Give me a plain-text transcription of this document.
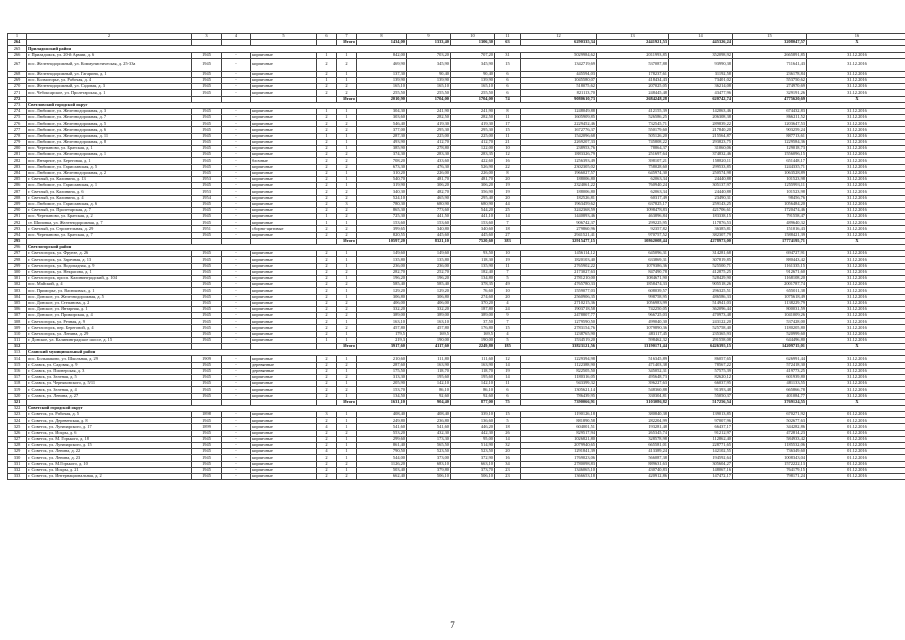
1	2	3	4	5	6	7	8	9	10	11	12	13	14	15	16
264						Итого	1434,00	1333,40	1306,30	63	6290335,34	2441921,53	445326,24	3208047,57	X
265	Приладожский район														
266	г. Приладожск, ул. 20-й Армии, д. 6	1945	-	кирпичные	1	1	842,00	703,20	707,20	31	5029984,62	2011993,85	352098,92	2665891,85	31.12.2016
267	пос. Железнодорожный, ул. Коммунистическая, д. 25-33а	1945	-	кирпичные	2	2	469,90	345,90	345,90	15	1342719,69	537087,88	93990,38	711641,43	31.12.2016
268	пос. Железнодорожный, ул. Гагарина, д. 1	1945	-	кирпичные	2	1	137,30	90,40	90,40	6	445594,03	178237,61	31192,58	236178,84	31.12.2016
269	пос. Колмогорье, ул. Рабочая, д. 4	1945	-	кирпичные	1	1	139,90	139,90	139,90	6	1045580,07	418434,43	73401,02	553750,62	31.12.2016
270	пос. Железнодорожный, ул. Садовая, д. 3	1945	-	кирпичные	2	2	165,10	165,10	165,10	6	518075,62	207025,05	36214,08	274970,69	31.12.2016
271	пос. Чебоксарское, ул. Пролетарская, д. 1	1945	-	кирпичные	2	2	255,50	255,50	255,50	6	821113,70	248445,48	43477,96	329191,26	31.12.2016
272						Итого	2010,90	1704,00	1704,00	74	9080610,73	2684248,28	620742,74	4775620,69	X
273	Светловский городской округ														
274	пос. Любимое, ул. Железнодорожная, д. 3	1945	-	кирпичные	1	1	304,30	241,90	241,90	8	1248049,88	412155,39	142063,46	674432,83	31.12.2016
275	пос. Любимое, ул. Железнодорожная, д. 7	1945	-	кирпичные	2	1	303,60	282,50	282,50	11	1605909,85	526586,25	206308,38	866211,52	31.12.2016
276	пос. Любимое, ул. Железнодорожная, д. 5	1945	-	кирпичные	2	2	546,40	419,30	419,30	17	2229452,46	732545,71	289839,22	1203647,53	31.12.2016
277	пос. Любимое, ул. Железнодорожная, д. 6	1945	-	кирпичные	2	2	377,00	295,30	295,30	15	1672776,37	550179,60	217840,20	903259,24	31.12.2016
278	пос. Любимое, ул. Железнодорожная, д. 11	1945	-	кирпичные	1	1	287,30	225,00	225,00	11	1542096,68	505126,20	215564,87	887713,61	31.12.2016
279	пос. Любимое, ул. Железнодорожная, д. 8	1945	-	кирпичные	2	1	493,90	412,70	412,70	21	2269207,33	745808,22	293823,75	1229584,36	31.12.2016
280	пос. Черепаново, ул. Братская, д. 1	1945	-	кирпичные	2	1	385,90	278,80	122,00	10	238953,76	78864,37	31060,06	129018,73	31.12.2016
281	пос. Любимое, ул. Железнодорожная, д. 1	1945	-	кирпичные	2	2	374,30	283,30	283,35	12	1883326,79	251697,64	374832,46	1556096,15	31.12.2016
282	пос. Янтарное, ул. Береговая, д. 1	1945	-	блочные	2	2	708,20	433,60	422,60	16	1256393,49	398107,21	158820,11	651448,17	31.12.2016
283	пос. Любимое, ул. Гариславская, д. 5	1945	-	кирпичные	2	2	673,30	476,30	526,90	22	2302305,02	758028,60	299533,85	1244335,71	31.12.2016
284	пос. Любимое, ул. Железнодорожная, д. 2	1945	-	кирпичные	2	1	310,20	226,00	226,00	8	1966027,57	645974,30	250574,98	1063528,89	31.12.2016
285	г. Светлый, ул. Калинина, д. 13	1953	-	кирпичные	2	1	540,70	481,70	481,70	20	188006,80	62063,34	24440,88	101523,98	31.12.2016
286	пос. Любимое, ул. Гариславская, д. 1	1945	-	кирпичные	2	1	319,90	306,20	306,20	19	2324061,22	760940,24	305137,97	1255993,11	31.12.2016
287	г. Светлый, ул. Калинина, д. 6	1953	-	кирпичные	2	2	340,30	482,70	356,90	19	188006,80	62063,34	24440,88	101523,98	31.12.2016
288	г. Светлый, ул. Калинина, д. 4	1954	-	кирпичные	2	2	524,10	465,90	295,40	20	182526,81	60317,49	23490,31	98456,76	31.12.2016
289	пос. Любимое, ул. Гариславская, д. 6	1945	-	кирпичные	2	3	780,30	680,90	680,90	44	1963459,62	637825,17	259143,25	1056484,20	31.12.2016
290	г. Светлый, ул. Пролетарская, д. 7	1945	-	кирпичные	2	2	865,30	773,60	544,20	25	3242368,59	1098478,83	421706,61	1720474,46	31.12.2016
291	пос. Черепаново, ул. Братская, д. 2	1945	-	кирпичные	1	2	725,30	441,50	441,10	14	1440893,46	463896,84	183338,15	791558,47	31.12.2016
292	ст. Шиповка, ул. Железнодорожная, д. 7	1945	-	кирпичные	1	1	153,60	153,60	153,60	7	906742,37	299225,95	117876,53	489640,32	31.12.2016
293	г. Светлый, ул. Строительная, д. 29	1951	-	сборно-щитовые	2	2	399,65	340,80	340,60	18	279860,96	92357,82	36385,81	151016,43	31.12.2016
294	пос. Черепаново, ул. Братская, д. 7	1945	-	кирпичные	2	2	820,55	445,60	445,60	27	2941521,41	970757,52	382307,79	1588421,39	31.12.2016
295						Итого	10597,20	8321,10	7520,60	383	32915477,15	10862008,44	4278973,00	17774195,71	X
296	Светлогорский район														
297	г. Светлогорск, ул. Фрунзе, д. 26	1945	-	кирпичные	2	1	149,60	149,60	93,50	10	1456114,12	645096,31	314281,68	694727,91	31.12.2016
298	г. Светлогорск, ул. Заречная, д. 13	1945	-	кирпичные	2	1	135,80	135,80	118,30	19	1820103,40	633869,31	307819,85	880443,42	31.12.2016
299	г. Светлогорск, ул. Водопадная, д. 9	1945	-	кирпичные	2	1	236,00	236,00	135,90	11	2765902,22	1079386,36	525500,71	1161335,15	31.12.2016
300	г. Светлогорск, ул. Некрасова, д. 1	1945	-	кирпичные	2	2	282,70	252,70	182,40	7	2173027,63	847490,78	412875,25	912671,60	31.12.2016
301	г. Светлогорск, просп. Калининградский, д. 104	1945	-	кирпичные	2	1	196,20	196,20	134,80	5	2781210,00	1084671,90	528429,90	1168108,20	31.12.2016
302	пос. Майский, д. 4	1945	-	кирпичные	2	2	585,40	585,40	378,35	49	4765780,33	1858474,33	905518,26	2001787,74	31.12.2016
303	пос. Приморье, ул. Васюковых, д. 1	1945	-	кирпичные	2	1	129,20	129,20	76,60	10	1559077,03	608039,57	296325,51	655011,38	31.12.2016
304	пос. Донское, ул. Железнодорожная, д. 5	1945	-	кирпичные	2	1	306,80	306,80	274,60	20	2560906,35	998758,95	486586,33	1075618,49	31.12.2016
305	пос. Донское, ул. Степанова, д. 2	1945	-	кирпичные	2	2	406,00	406,00	370,20	4	2710215,36	1056983,99	514941,03	1138229,79	31.12.2016
306	пос. Донское, ул. Янтарная, д. 1	1945	-	кирпичные	2	2	332,20	332,20	187,80	24	1903718,58	742250,05	362096,44	800031,59	31.12.2016
307	пос. Донское, ул. Приморская, д. 4	1945	-	кирпичные	2	2	389,00	389,00	389,00	9	2478807,77	966725,03	470973,48	1041009,26	31.12.2016
308	г. Светлогорск, ул. Речная, д. 9	1945	-	кирпичные	2	1	163,10	163,10	37,50	7	1279590,50	499040,30	243122,20	537428,00	31.12.2016
309	г. Светлогорск, пер. Береговой, д. 4	1945	-	кирпичные	2	2	457,80	457,80	176,80	15	2783154,76	1079890,36	525758,40	1180205,80	31.12.2016
310	г. Светлогорск, ул. Ленина, д. 29	1945	-	кирпичные	2	1	179,5	169,5	169,5	4	1238765,90	483117,45	235365,93	520999,60	31.12.2016
311	г. Донское, ул. Калининградское шоссе, д. 15	1945	-	кирпичные	1	1	219,3	190,00	190,00	5	1534519,20	598462,32	291558,08	644496,80	31.12.2016
312						Итого	3917,60	4117,60	2249,80	185	33823121,56	13190171,44	6426395,15	14209715,01	X
313	Славский муниципальный район														
314	пос. Большаково, ул. Школьная, д. 29	1909	-	кирпичные	2	1	210,60	111,80	111,60	12	1229394,98	516345,89	86057,65	626991,44	31.12.2016
315	г. Славск, ул. Садовая, д. 9	1945	-	деревянные	2	2	287,60	163,90	163,90	14	1122388,90	471403,38	78567,22	572418,30	31.12.2016
316	г. Славск, ул. Пионерская, д. 3	1945	-	деревянные	2	1	175,50	118,70	118,70	19	822505,50	345052,31	57575,39	419773,25	31.12.2016
317	г. Славск, ул. Зеленая, д. 5	1945	-	кирпичные	2	2	313,30	195,60	195,60	14	1180316,05	495648,73	82620,12	601939,80	31.12.2016
318	г. Славск, ул. Черняховского, д. 5/11	1945	-	кирпичные	2	1	205,90	142,10	142,10	11	943399,32	396227,63	66037,95	481133,55	31.12.2016
319	г. Славск, ул. Зеленая, д. 4	1945	-	кирпичные	2	2	153,70	86,10	86,10	6	1305621,14	548360,88	91393,48	665866,78	31.12.2016
320	г. Славск, ул. Ленина, д. 27	1945	-	кирпичные	2	1	134,50	92,60	92,60	6	786439,95	330304,81	55050,37	401084,77	31.12.2016
321						Итого	1631,10	904,40	877,00	75	7390066,91	3103086,82	517256,54	3769124,55	X
322	Советский городской округ														
323	г. Советск, ул. Рабочая, д. 5	1898	-	кирпичные	3	1	408,40	408,40	339,10	15	1190126,18	380840,38	139013,85	670271,92	01.12.2016
324	г. Советск, ул. Деревенская, д. 8	1945	-	кирпичные	2	1	249,80	236,80	136,60	5	881890,58	282204,99	97007,96	502677,63	01.12.2016
325	г. Советск, ул. Луначарского, д. 17	1899	-	кирпичные	4	1	541,60	541,60	446,20	18	604001,51	193281,48	66437,17	344282,86	01.12.2016
326	г. Советск, ул. Искры, д. 6	1945	-	кирпичные	2	2	553,20	432,30	442,30	26	829517,94	265345,74	91212,97	472814,23	01.12.2016
327	г. Советск, ул. М. Горького, д. 18	1945	-	кирпичные	2	1	299,60	173,30	95,00	14	1026821,80	328578,98	112862,40	584933,42	01.12.2016
328	г. Советск, ул. Луначарского, д. 15	1945	-	кирпичные	2	1	861,40	565,50	514,90	32	2079940,65	665581,01	228771,65	1185532,06	01.12.2016
329	г. Советск, ул. Ленина, д. 22	1945	-	кирпичные	4	1	790,50	523,50	523,50	20	1291841,39	413389,24	142102,55	736349,60	01.12.2016
330	г. Советск, ул. Ленина, д. 23	1945	-	кирпичные	2	1	544,00	373,00	372,90	16	1769023,06	566087,38	194592,64	1008343,04	01.12.2016
331	г. Советск, ул. М.Горького, д. 10	1945	-	кирпичные	2	2	1126,20	683,10	663,10	34	2780098,83	889631,63	305604,27	1572222,13	01.12.2016
332	г. Советск, ул. Искры, д. 21	1945	-	кирпичные	2	1	503,40	379,80	373,70	23	1346065,10	430740,83	148067,16	764179,15	01.12.2016
333	г. Советск, ул. Интернациональная, д. 2	1945	-	кирпичные	2	2	662,40	506,10	506,10	23	1366653,18	420912,86	147472,17	798171,24	01.12.2016
7
